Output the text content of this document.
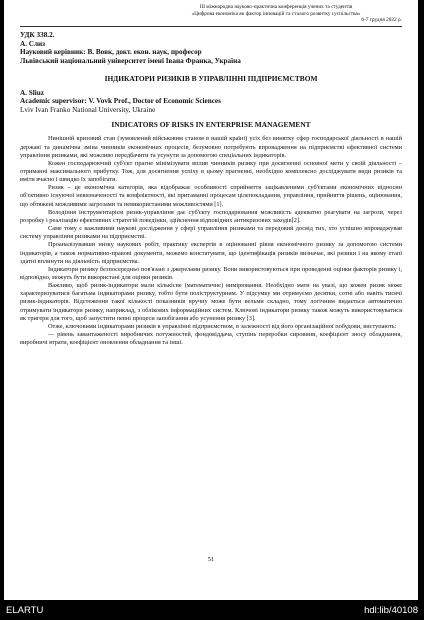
ІІІ міжнародна науково-практична конференція учених та студентів
«Цифрова економіка як фактор інновацій та сталого розвитку суспільства»
6-7 грудня 2022 р.
УДК 338.2.
А. Слиз
Науковий керівник: В. Вовк, докт. екон. наук, професор
Львівський національний університет імені Івана Франка, Україна
ІНДИКАТОРИ РИЗИКІВ В УПРАВЛІННІ ПІДПРИЄМСТВОМ
A. Sliuz
Academic supervisor: V. Vovk Prof., Doctor of Economic Sciences
Lviv Ivan Franko National University, Ukraine
INDICATORS OF RISKS IN ENTERPRISE MANAGEMENT

Нинішній кризовий стан (зумовлений військовим станом в нашій країні) усіх без винятку сфер господарської діяльності в нашій державі та динамічна зміна чинників економічних процесів, безумовно потребують впровадження на підприємстві ефективної системи управління ризиками, які можливо передбачити та усунути за допомогою спеціальних індикаторів.

Кожен господарюючий суб'єкт прагне мінімізувати вплив чинників ризику при досягненні основної мети у своїй діяльності – отриманні максимального прибутку. Тож, для досягнення успіху в цьому прагненні, необхідно комплексно досліджувати види ризиків та вміти вчасно і швидко їх запобігати.

Ризик – це економічна категорія, яка відображає особливості сприйняття зацікавленими суб'єктами економічних відносин об'єктивно існуючої невизначеності та конфліктності, які притаманні процесам цілепокладання, управління, прийняття рішень, оцінювання, що обтяжені можливими загрозами та невикористаними можливостями [1].

Володіння інструментарієм ризик-управління дає суб'єкту господарювання можливість адекватно реагувати на загрози, через розробку і реалізацію ефективних стратегій поведінки, здійснення відповідних антикризових заходів[2].

Саме тому є важливими наукові дослідження у сфері управління ризиками та передовий досвід тих, хто успішно впроваджував систему управління ризиками на підприємстві.

Проаналізувавши низку наукових робіт, практику експертів в оцінюванні рівня економічного ризику за допомогою системи індикаторів, а також нормативно-правові документи, можемо констатувати, що ідентифікація ризиків визначає, які ризики і на якому етапі здатні вплинути на діяльність підприємства.

Індикатори ризику безпосередньо пов'язані з джерелами ризику. Вони використовуються при проведенні оцінки факторів ризику і, відповідно, можуть бути використані для оцінки ризиків.

Важливо, щоб ризик-індикатори мали кількісне (математичне) вимірювання. Необхідно мати на увазі, що кожен ризик може характеризуватися багатьма індикаторами ризику, тобто бути поліструктурним. У підсумку ми отримуємо десятки, сотні або навіть тисячі ризик-індикаторів. Відстеження такої кількості показників вручну може бути вельми складно, тому логічним видається автоматично отримувати індикатори ризику, наприклад, з облікових інформаційних систем. Ключові індикатори ризику також можуть використовуватися як тригери для того, щоб запустити певні процеси запобігання або усунення ризику [3].

Отже, ключовими індикаторами ризиків в управлінні підприємством, в залежності від його організаційної побудови, виступають:

— рівень завантаженості виробничих потужностей, фондовіддача, ступінь переробки сировини, коефіцієнт зносу обладнання, виробничі втрати, коефіцієнт оновлення обладнання та інші.

51
ELARTU	hdl:lib/40108
